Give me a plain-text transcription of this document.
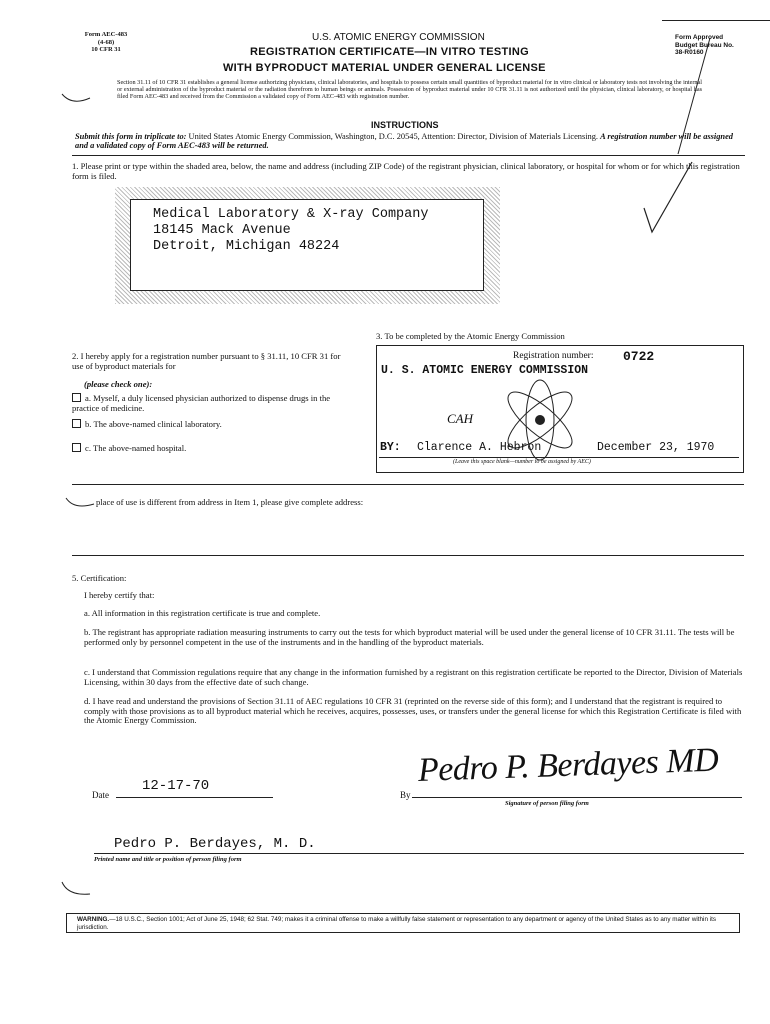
Form AEC-483
(4-68)
10 CFR 31
U.S. ATOMIC ENERGY COMMISSION
REGISTRATION CERTIFICATE—IN VITRO TESTING
WITH BYPRODUCT MATERIAL UNDER GENERAL LICENSE
Form Approved
Budget Bureau No.
38-R0160
Section 31.11 of 10 CFR 31 establishes a general license authorizing physicians, clinical laboratories, and hospitals to possess certain small quantities of byproduct material for in vitro clinical or laboratory tests not involving the internal or external administration of the byproduct material or the radiation therefrom to human beings or animals. Possession of byproduct material under 10 CFR 31.11 is not authorized until the physician, clinical laboratory, or hospital has filed Form AEC-483 and received from the Commission a validated copy of Form AEC-483 with registration number.
INSTRUCTIONS
Submit this form in triplicate to: United States Atomic Energy Commission, Washington, D.C. 20545, Attention: Director, Division of Materials Licensing. A registration number will be assigned and a validated copy of Form AEC-483 will be returned.
1. Please print or type within the shaded area, below, the name and address (including ZIP Code) of the registrant physician, clinical laboratory, or hospital for whom or for which this registration form is filed.
Medical Laboratory & X-ray Company
18145 Mack Avenue
Detroit, Michigan 48224
3. To be completed by the Atomic Energy Commission
2. I hereby apply for a registration number pursuant to § 31.11, 10 CFR 31 for use of byproduct materials for
(please check one):
a. Myself, a duly licensed physician authorized to dispense drugs in the practice of medicine.
b. The above-named clinical laboratory.
c. The above-named hospital.
Registration number: 0722
U. S. ATOMIC ENERGY COMMISSION
CAH
BY: Clarence A. Hebron	December 23, 1970
(Leave this space blank—number to be assigned by AEC)
place of use is different from address in Item 1, please give complete address:
5. Certification:
I hereby certify that:
a. All information in this registration certificate is true and complete.
b. The registrant has appropriate radiation measuring instruments to carry out the tests for which byproduct material will be used under the general license of 10 CFR 31.11. The tests will be performed only by personnel competent in the use of the instruments and in the handling of the byproduct materials.
c. I understand that Commission regulations require that any change in the information furnished by a registrant on this registration certificate be reported to the Director, Division of Materials Licensing, within 30 days from the effective date of such change.
d. I have read and understand the provisions of Section 31.11 of AEC regulations 10 CFR 31 (reprinted on the reverse side of this form); and I understand that the registrant is required to comply with those provisions as to all byproduct material which he receives, acquires, possesses, uses, or transfers under the general license for which this Registration Certificate is filed with the Atomic Energy Commission.
Date
12-17-70
By
Pedro P. Berdayes MD
Signature of person filing form
Pedro P. Berdayes, M. D.
Printed name and title or position of person filing form
WARNING.—18 U.S.C., Section 1001; Act of June 25, 1948; 62 Stat. 749; makes it a criminal offense to make a willfully false statement or representation to any department or agency of the United States as to any matter within its jurisdiction.
